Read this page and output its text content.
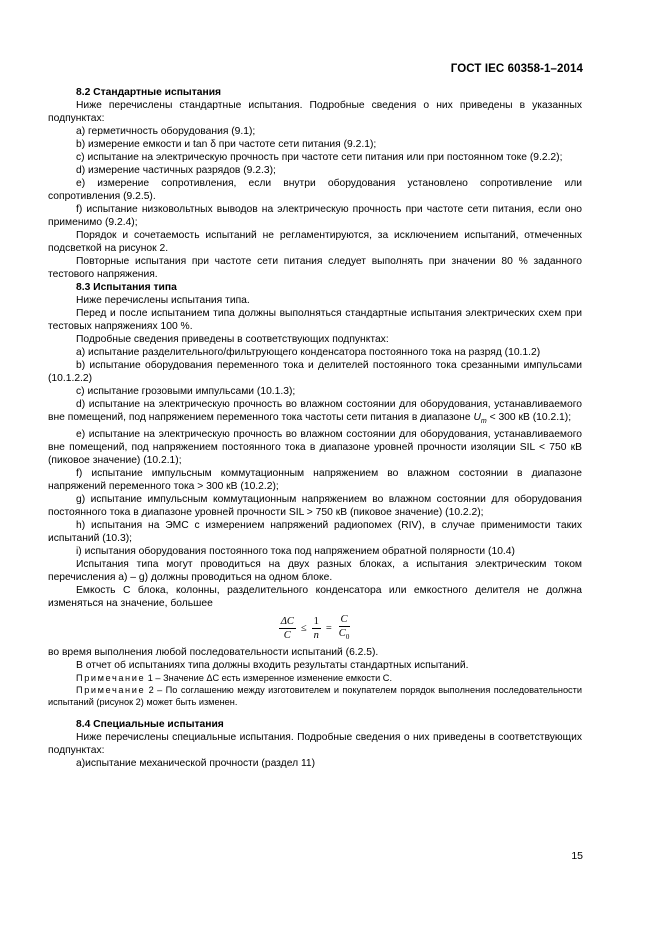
ГОСТ IEC 60358-1–2014

8.2 Стандартные испытания

Ниже перечислены стандартные испытания. Подробные сведения о них приведены в указанных подпунктах:

a) герметичность оборудования (9.1);

b) измерение емкости и tan δ при частоте сети питания (9.2.1);

c) испытание на электрическую прочность при частоте сети питания или при постоянном токе (9.2.2);

d) измерение частичных разрядов (9.2.3);

e) измерение сопротивления, если внутри оборудования установлено сопротивление или сопротивления (9.2.5).

f) испытание низковольтных выводов на электрическую прочность при частоте сети питания, если оно применимо (9.2.4);

Порядок и сочетаемость испытаний не регламентируются, за исключением испытаний, отмеченных подсветкой на рисунок 2.

Повторные испытания при частоте сети питания следует выполнять при значении 80 % заданного тестового напряжения.

8.3 Испытания типа

Ниже перечислены испытания типа.

Перед и после испытанием типа должны выполняться стандартные испытания электрических схем при тестовых напряжениях 100 %.

Подробные сведения приведены в соответствующих подпунктах:

a) испытание разделительного/фильтрующего конденсатора постоянного тока на разряд (10.1.2)

b) испытание оборудования переменного тока и делителей постоянного тока срезанными импульсами (10.1.2.2)

c) испытание грозовыми импульсами (10.1.3);

d) испытание на электрическую прочность во влажном состоянии для оборудования, устанавливаемого вне помещений, под напряжением переменного тока частоты сети питания в диапазоне $U_m < 300$ кВ (10.2.1);

e) испытание на электрическую прочность во влажном состоянии для оборудования, устанавливаемого вне помещений, под напряжением постоянного тока в диапазоне уровней прочности изоляции SIL < 750 кВ (пиковое значение) (10.2.1);

f) испытание импульсным коммутационным напряжением во влажном состоянии в диапазоне напряжений переменного тока > 300 кВ (10.2.2);

g) испытание импульсным коммутационным напряжением во влажном состоянии для оборудования постоянного тока в диапазоне уровней прочности SIL > 750 кВ (пиковое значение) (10.2.2);

h) испытания на ЭМС с измерением напряжений радиопомех (RIV), в случае применимости таких испытаний (10.3);

i) испытания оборудования постоянного тока под напряжением обратной полярности (10.4)

Испытания типа могут проводиться на двух разных блоках, а испытания электрическим током перечисления a) – g) должны проводиться на одном блоке.

Емкость С блока, колонны, разделительного конденсатора или емкостного делителя не должна изменяться на значение, большее

$\frac{\Delta C}{C} \le \frac{1}{n} = \frac{C}{C_0}$

во время выполнения любой последовательности испытаний (6.2.5).

В отчет об испытаниях типа должны входить результаты стандартных испытаний.

Примечание 1 – Значение ΔC есть измеренное изменение емкости C.

Примечание 2 – По соглашению между изготовителем и покупателем порядок выполнения последовательности испытаний (рисунок 2) может быть изменен.

8.4 Специальные испытания

Ниже перечислены специальные испытания. Подробные сведения о них приведены в соответствующих подпунктах:

а)испытание механической прочности (раздел 11)

15
